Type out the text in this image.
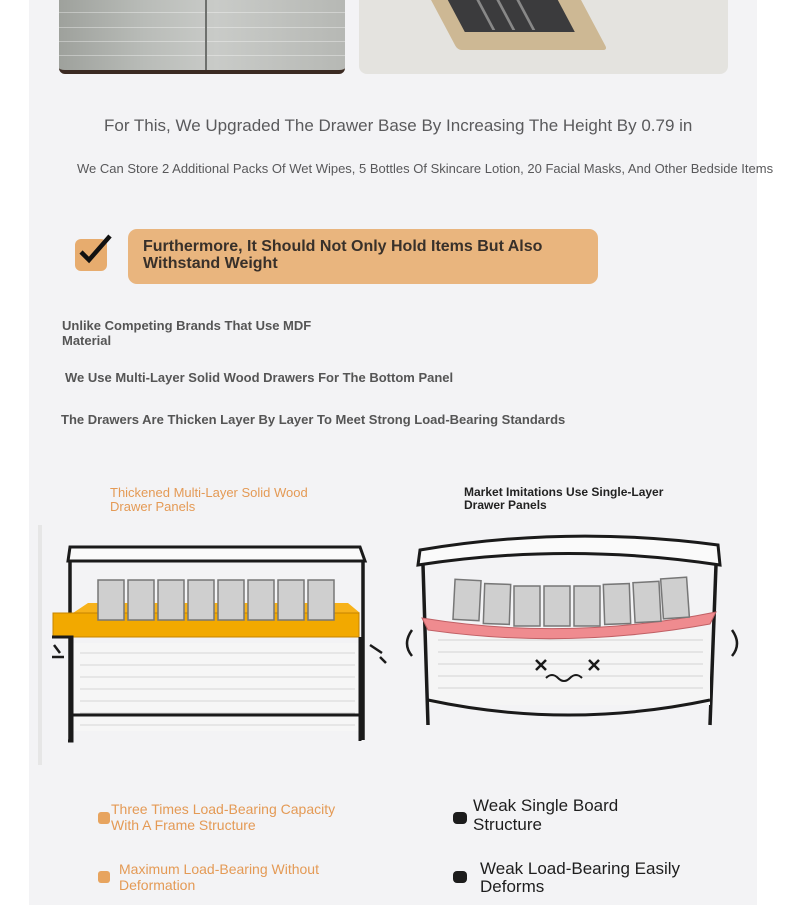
For This, We Upgraded The Drawer Base By Increasing The Height By 0.79 in
We Can Store 2 Additional Packs Of Wet Wipes, 5 Bottles Of Skincare Lotion, 20 Facial Masks, And Other Bedside Items
Furthermore, It Should Not Only Hold Items But Also Withstand Weight
Unlike Competing Brands That Use MDF Material
We Use Multi-Layer Solid Wood Drawers For The Bottom Panel
The Drawers Are Thicken Layer By Layer To Meet Strong Load-Bearing Standards
Thickened Multi-Layer Solid Wood Drawer Panels
Market Imitations Use Single-Layer Drawer Panels
Three Times Load-Bearing Capacity With A Frame Structure
Maximum Load-Bearing Without Deformation
Weak Single Board Structure
Weak Load-Bearing Easily Deforms
